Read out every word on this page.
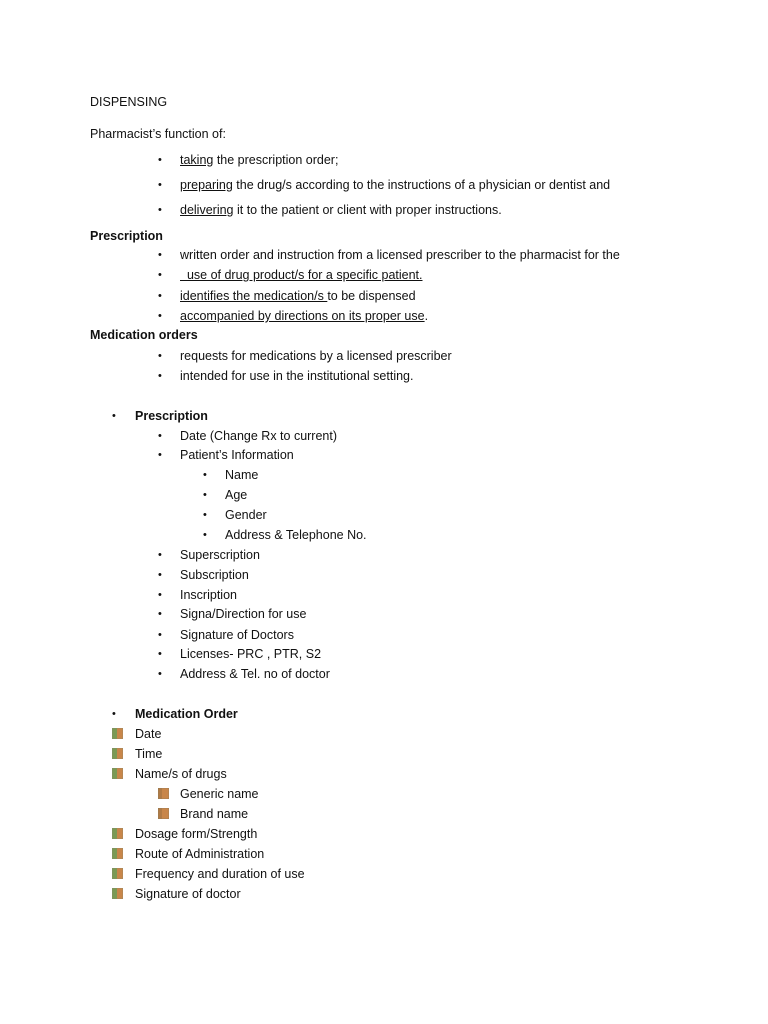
DISPENSING
Pharmacist’s function of:
• taking the prescription order;
• preparing the drug/s according to the instructions of a physician or dentist and
• delivering it to the patient or client with proper instructions.
Prescription
• written order and instruction from a licensed prescriber to the pharmacist for the
• use of drug product/s for a specific patient.
• identifies the medication/s to be dispensed
• accompanied by directions on its proper use.
Medication orders
• requests for medications by a licensed prescriber
• intended for use in the institutional setting.
• Prescription
• Date (Change Rx to current)
• Patient’s Information
• Name
• Age
• Gender
• Address & Telephone No.
• Superscription
• Subscription
• Inscription
• Signa/Direction for use
• Signature of Doctors
• Licenses- PRC , PTR, S2
• Address & Tel. no of doctor
• Medication Order
Date
Time
Name/s of drugs
Generic name
Brand name
Dosage form/Strength
Route of Administration
Frequency and duration of use
Signature of doctor
